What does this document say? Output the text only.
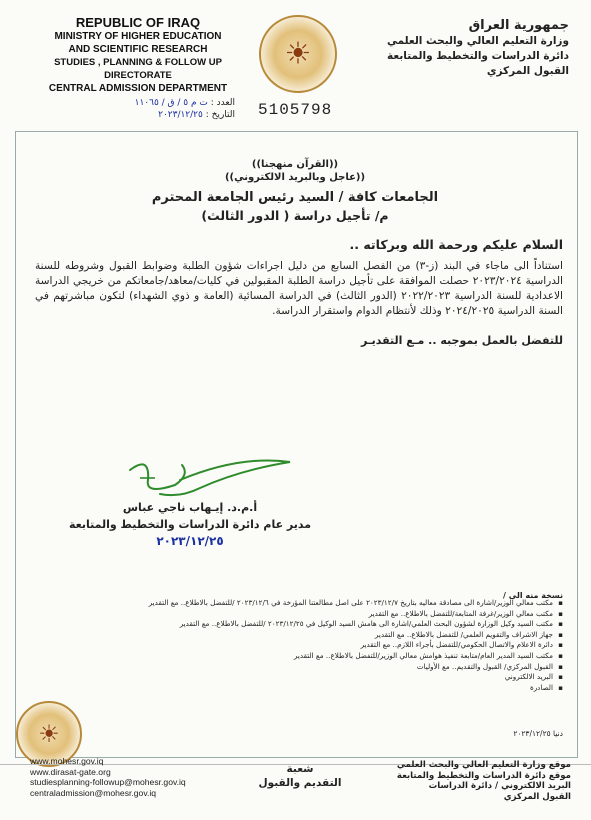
REPUBLIC OF IRAQ
MINISTRY OF HIGHER EDUCATION
AND SCIENTIFIC RESEARCH
STUDIES , PLANNING & FOLLOW UP DIRECTORATE
CENTRAL ADMISSION DEPARTMENT
العدد : ت م ٥ / ق / ١١٠٦٥
التاريخ : ٢٠٢٣/١٢/٢٥
☀
5105798
جمهورية العراق
وزارة التعليم العالي والبحث العلمي
دائرة الدراسات والتخطيط والمتابعة
القبول المركزي
((القرآن منهجنا))
((عاجل وبالبريد الالكتروني))
الجامعات كافة / السيد رئيس الجامعة المحترم
م/ تأجيل دراسة ( الدور الثالث)
السلام عليكم ورحمة الله وبركاته ..
استناداً الى ماجاء في البند (ز-٣) من الفصل السابع من دليل اجراءات شؤون الطلبة وضوابط القبول وشروطه للسنة الدراسية ٢٠٢٣/٢٠٢٤ حصلت الموافقة على تأجيل دراسة الطلبة المقبولين في كليات/معاهد/جامعاتكم من خريجي الدراسة الاعدادية للسنة الدراسية ٢٠٢٢/٢٠٢٣ (الدور الثالث) في الدراسة المسائية (العامة و ذوي الشهداء) لتكون مباشرتهم في السنة الدراسية ٢٠٢٤/٢٠٢٥ وذلك لأنتظام الدوام واستقرار الدراسة.
للتفضل بالعمل بموجبه .. مـع التقديـر
أ.م.د. إيـهاب ناجي عباس
مدير عام دائرة الدراسات والتخطيط والمتابعة
٢٠٢٣/١٢/٢٥
نسخة منه الى /
▪ مكتب معالي الوزير/اشارة الى مصادقة معاليه بتاريخ ٢٠٢٣/١٢/٧ على اصل مطالعتنا المؤرخة في ٢٠٢٣/١٢/٦ /للتفضل بالاطلاع.. مع التقدير
▪ مكتب معالي الوزير/غرفة المتابعة/للتفضل بالاطلاع.. مع التقدير
▪ مكتب السيد وكيل الوزارة لشؤون البحث العلمي/اشارة الى هامش السيد الوكيل في ٢٠٢٣/١٢/٢٥ /للتفضل بالاطلاع.. مع التقدير
▪ جهاز الاشراف والتقويم العلمي/ للتفضل بالاطلاع.. مع التقدير
▪ دائرة الاعلام والاتصال الحكومي/للتفضل بأجراء اللازم.. مع التقدير
▪ مكتب السيد المدير العام/متابعة تنفيذ هوامش معالي الوزير/للتفضل بالاطلاع.. مع التقدير
▪ القبول المركزي/ القبول والتقديم.. مع الأوليات
▪ البريد الالكتروني
▪ الصادرة
دنيا ٢٠٢٣/١٢/٢٥
☀
www.mohesr.gov.iq
www.dirasat-gate.org
studiesplanning-followup@mohesr.gov.iq
centraladmission@mohesr.gov.iq
شعبة
التقديم والقبول
موقع وزارة التعليم العالي والبحث العلمي
موقع دائرة الدراسات والتخطيط والمتابعة
البريد الالكتروني / دائرة الدراسات
القبول المركزي
